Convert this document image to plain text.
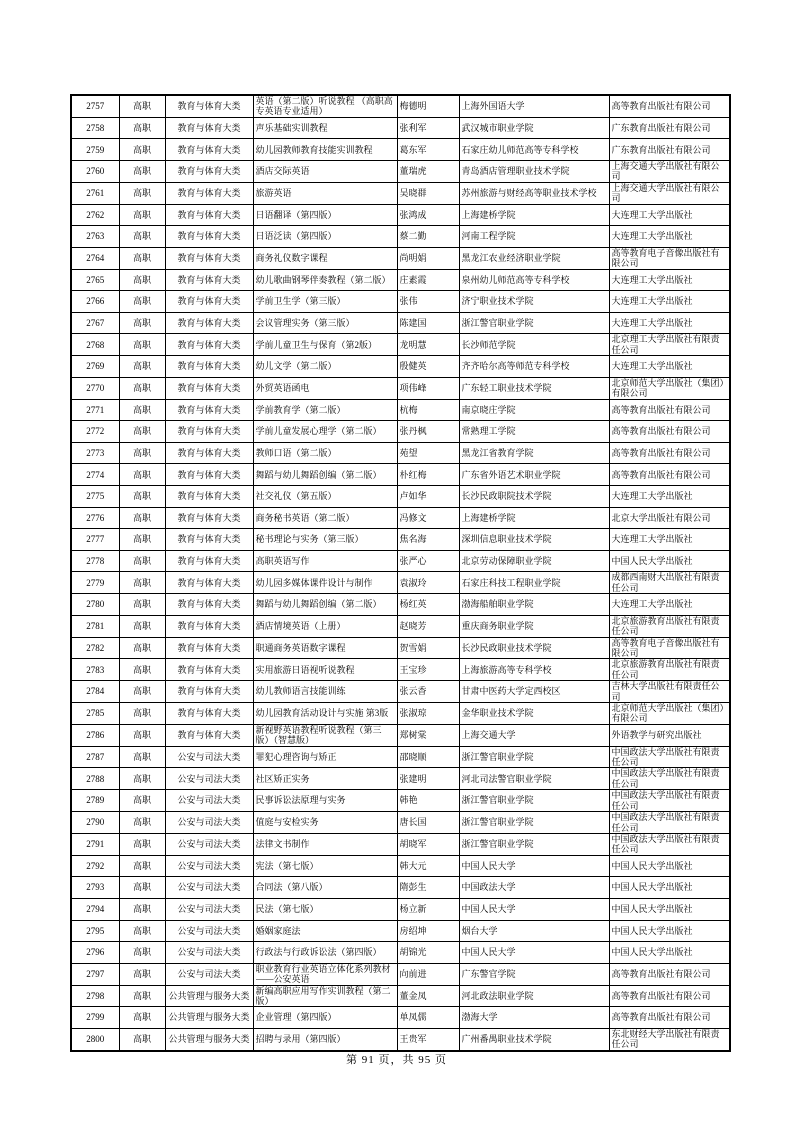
2757	高职	教育与体育大类	英语（第二版）听说教程 （高职高专英语专业适用）	梅德明	上海外国语大学	高等教育出版社有限公司

2758	高职	教育与体育大类	声乐基础实训教程	张利军	武汉城市职业学院	广东教育出版社有限公司

2759	高职	教育与体育大类	幼儿园教师教育技能实训教程	葛东军	石家庄幼儿师范高等专科学校	广东教育出版社有限公司

2760	高职	教育与体育大类	酒店交际英语	董瑞虎	青岛酒店管理职业技术学院	上海交通大学出版社有限公司

2761	高职	教育与体育大类	旅游英语	吴晓群	苏州旅游与财经高等职业技术学校	上海交通大学出版社有限公司

2762	高职	教育与体育大类	日语翻译（第四版）	张鸿成	上海建桥学院	大连理工大学出版社

2763	高职	教育与体育大类	日语泛读（第四版）	蔡二勤	河南工程学院	大连理工大学出版社

2764	高职	教育与体育大类	商务礼仪数字课程	尚明娟	黑龙江农业经济职业学院	高等教育电子音像出版社有限公司

2765	高职	教育与体育大类	幼儿歌曲钢琴伴奏教程（第二版）	庄素霞	泉州幼儿师范高等专科学校	大连理工大学出版社

2766	高职	教育与体育大类	学前卫生学（第三版）	张伟	济宁职业技术学院	大连理工大学出版社

2767	高职	教育与体育大类	会议管理实务（第三版）	陈建国	浙江警官职业学院	大连理工大学出版社

2768	高职	教育与体育大类	学前儿童卫生与保育（第2版）	龙明慧	长沙师范学院	北京理工大学出版社有限责任公司

2769	高职	教育与体育大类	幼儿文学（第二版）	殷健英	齐齐哈尔高等师范专科学校	大连理工大学出版社

2770	高职	教育与体育大类	外贸英语函电	项伟峰	广东轻工职业技术学院	北京师范大学出版社（集团）有限公司

2771	高职	教育与体育大类	学前教育学（第二版）	杭梅	南京晓庄学院	高等教育出版社有限公司

2772	高职	教育与体育大类	学前儿童发展心理学（第二版）	张丹枫	常熟理工学院	高等教育出版社有限公司

2773	高职	教育与体育大类	教师口语（第二版）	苑望	黑龙江省教育学院	高等教育出版社有限公司

2774	高职	教育与体育大类	舞蹈与幼儿舞蹈创编（第二版）	朴红梅	广东省外语艺术职业学院	高等教育出版社有限公司

2775	高职	教育与体育大类	社交礼仪（第五版）	卢如华	长沙民政职院技术学院	大连理工大学出版社

2776	高职	教育与体育大类	商务秘书英语（第二版）	冯修文	上海建桥学院	北京大学出版社有限公司

2777	高职	教育与体育大类	秘书理论与实务（第三版）	焦名海	深圳信息职业技术学院	大连理工大学出版社

2778	高职	教育与体育大类	高职英语写作	张严心	北京劳动保障职业学院	中国人民大学出版社

2779	高职	教育与体育大类	幼儿园多媒体课件设计与制作	袁淑玲	石家庄科技工程职业学院	成都西南财大出版社有限责任公司

2780	高职	教育与体育大类	舞蹈与幼儿舞蹈创编（第二版）	杨红英	渤海船舶职业学院	大连理工大学出版社

2781	高职	教育与体育大类	酒店情境英语（上册）	赵晓芳	重庆商务职业学院	北京旅游教育出版社有限责任公司

2782	高职	教育与体育大类	职通商务英语数字课程	贺雪娟	长沙民政职业技术学院	高等教育电子音像出版社有限公司

2783	高职	教育与体育大类	实用旅游日语视听说教程	王宝珍	上海旅游高等专科学校	北京旅游教育出版社有限责任公司

2784	高职	教育与体育大类	幼儿教师语言技能训练	张云香	甘肃中医药大学定西校区	吉林大学出版社有限责任公司

2785	高职	教育与体育大类	幼儿园教育活动设计与实施 第3版	张淑琼	金华职业技术学院	北京师范大学出版社（集团）有限公司

2786	高职	教育与体育大类	新视野英语教程听说教程（第三版）（智慧版）	郑树棠	上海交通大学	外语教学与研究出版社

2787	高职	公安与司法大类	罪犯心理咨询与矫正	邵晓顺	浙江警官职业学院	中国政法大学出版社有限责任公司

2788	高职	公安与司法大类	社区矫正实务	张建明	河北司法警官职业学院	中国政法大学出版社有限责任公司

2789	高职	公安与司法大类	民事诉讼法原理与实务	韩艳	浙江警官职业学院	中国政法大学出版社有限责任公司

2790	高职	公安与司法大类	值庭与安检实务	唐长国	浙江警官职业学院	中国政法大学出版社有限责任公司

2791	高职	公安与司法大类	法律文书制作	胡晓军	浙江警官职业学院	中国政法大学出版社有限责任公司

2792	高职	公安与司法大类	宪法（第七版）	韩大元	中国人民大学	中国人民大学出版社

2793	高职	公安与司法大类	合同法（第八版）	隋彭生	中国政法大学	中国人民大学出版社

2794	高职	公安与司法大类	民法（第七版）	杨立新	中国人民大学	中国人民大学出版社

2795	高职	公安与司法大类	婚姻家庭法	房绍坤	烟台大学	中国人民大学出版社

2796	高职	公安与司法大类	行政法与行政诉讼法（第四版）	胡锦光	中国人民大学	中国人民大学出版社

2797	高职	公安与司法大类	职业教育行业英语立体化系列教材——公安英语	向前进	广东警官学院	高等教育出版社有限公司

2798	高职	公共管理与服务大类	新编高职应用写作实训教程（第二版）	董金凤	河北政法职业学院	高等教育出版社有限公司

2799	高职	公共管理与服务大类	企业管理（第四版）	单凤儒	渤海大学	高等教育出版社有限公司

2800	高职	公共管理与服务大类	招聘与录用（第四版）	王贵军	广州番禺职业技术学院	东北财经大学出版社有限责任公司
第 91 页，共 95 页
